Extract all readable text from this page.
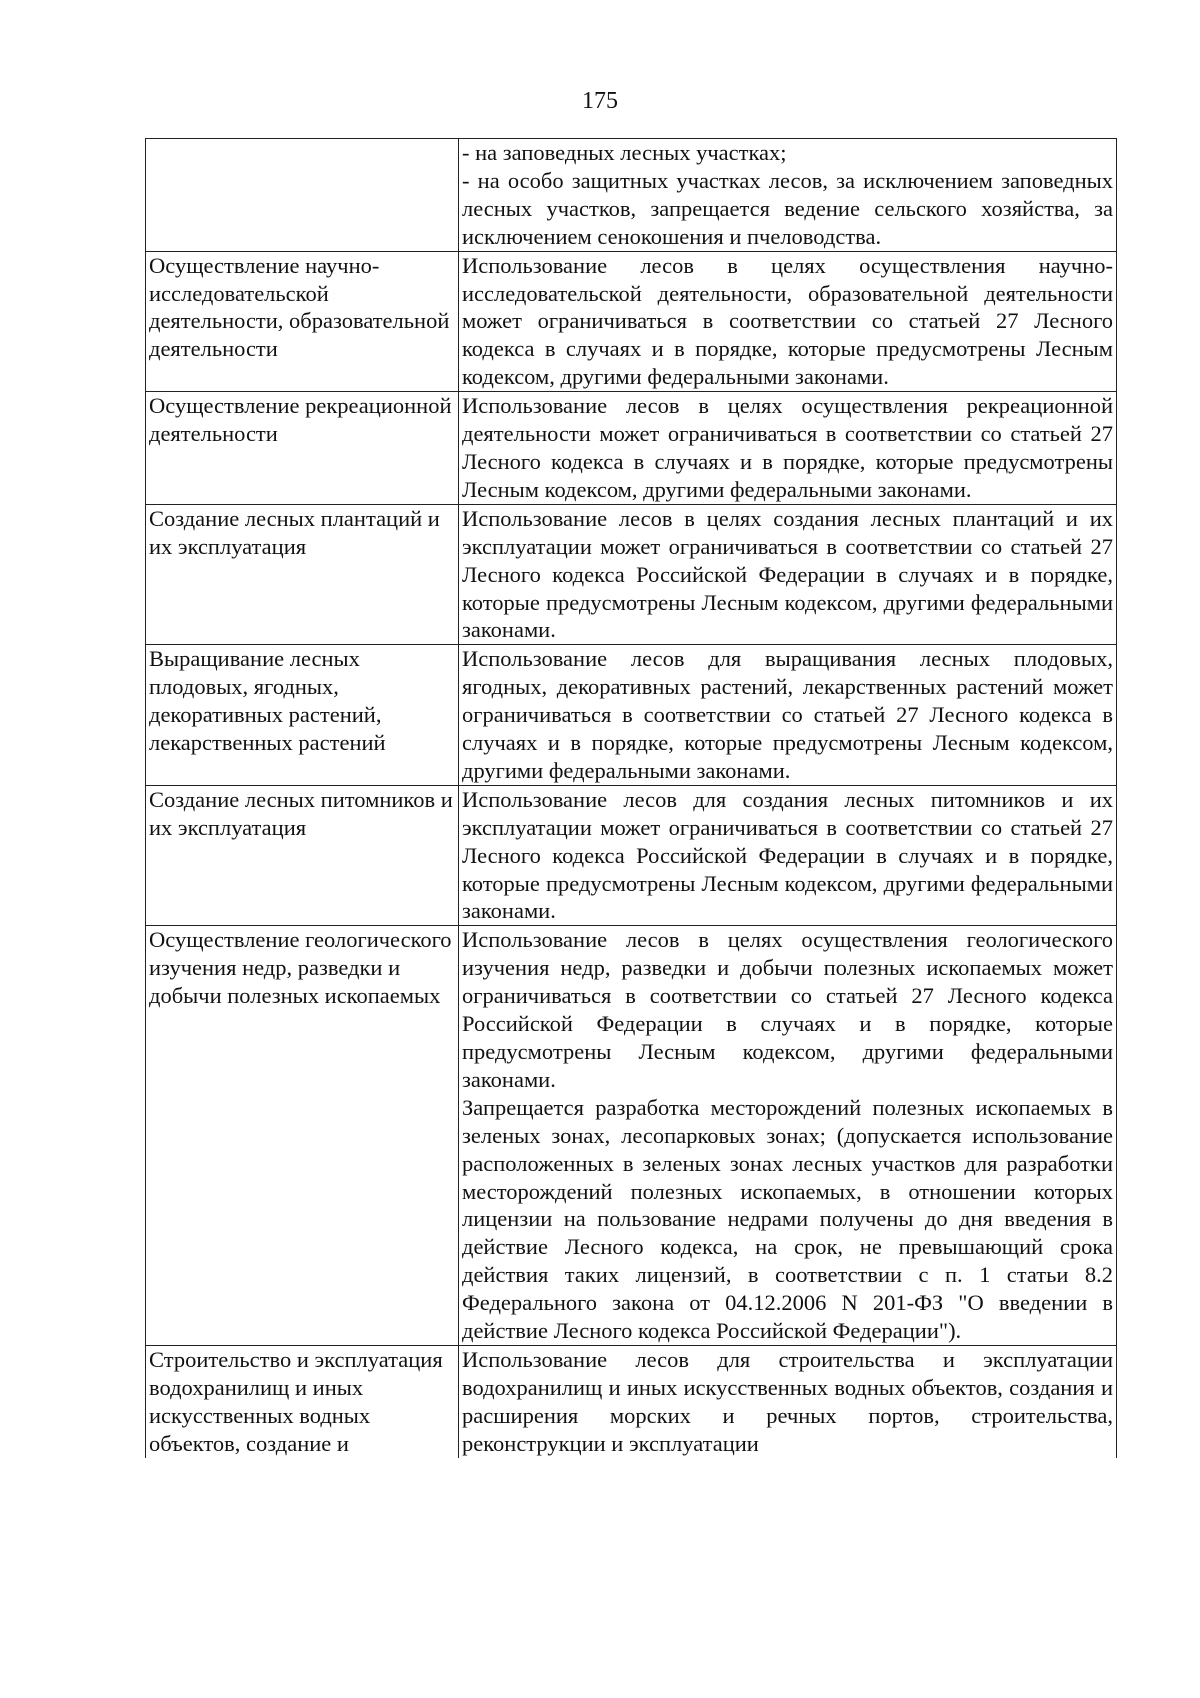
175

	- на заповедных лесных участках;
- на особо защитных участках лесов, за исключением заповедных лесных участков, запрещается ведение сельского хозяйства, за исключением сенокошения и пчеловодства.

Осуществление научно-исследовательской деятельности, образовательной деятельности	Использование лесов в целях осуществления научно-исследовательской деятельности, образовательной деятельности может ограничиваться в соответствии со статьей 27 Лесного кодекса в случаях и в порядке, которые предусмотрены Лесным кодексом, другими федеральными законами.

Осуществление рекреационной деятельности	Использование лесов в целях осуществления рекреационной деятельности может ограничиваться в соответствии со статьей 27 Лесного кодекса в случаях и в порядке, которые предусмотрены Лесным кодексом, другими федеральными законами.

Создание лесных плантаций и их эксплуатация	Использование лесов в целях создания лесных плантаций и их эксплуатации может ограничиваться в соответствии со статьей 27 Лесного кодекса Российской Федерации в случаях и в порядке, которые предусмотрены Лесным кодексом, другими федеральными законами.

Выращивание лесных плодовых, ягодных, декоративных растений, лекарственных растений	Использование лесов для выращивания лесных плодовых, ягодных, декоративных растений, лекарственных растений может ограничиваться в соответствии со статьей 27 Лесного кодекса в случаях и в порядке, которые предусмотрены Лесным кодексом, другими федеральными законами.

Создание лесных питомников и их эксплуатация	Использование лесов для создания лесных питомников и их эксплуатации может ограничиваться в соответствии со статьей 27 Лесного кодекса Российской Федерации в случаях и в порядке, которые предусмотрены Лесным кодексом, другими федеральными законами.

Осуществление геологического изучения недр, разведки и добычи полезных ископаемых	Использование лесов в целях осуществления геологического изучения недр, разведки и добычи полезных ископаемых может ограничиваться в соответствии со статьей 27 Лесного кодекса Российской Федерации в случаях и в порядке, которые предусмотрены Лесным кодексом, другими федеральными законами.
Запрещается разработка месторождений полезных ископаемых в зеленых зонах, лесопарковых зонах; (допускается использование расположенных в зеленых зонах лесных участков для разработки месторождений полезных ископаемых, в отношении которых лицензии на пользование недрами получены до дня введения в действие Лесного кодекса, на срок, не превышающий срока действия таких лицензий, в соответствии с п. 1 статьи 8.2 Федерального закона от 04.12.2006 N 201-ФЗ "О введении в действие Лесного кодекса Российской Федерации").

Строительство и эксплуатация водохранилищ и иных искусственных водных объектов, создание и	Использование лесов для строительства и эксплуатации водохранилищ и иных искусственных водных объектов, создания и расширения морских и речных портов, строительства, реконструкции и эксплуатации
